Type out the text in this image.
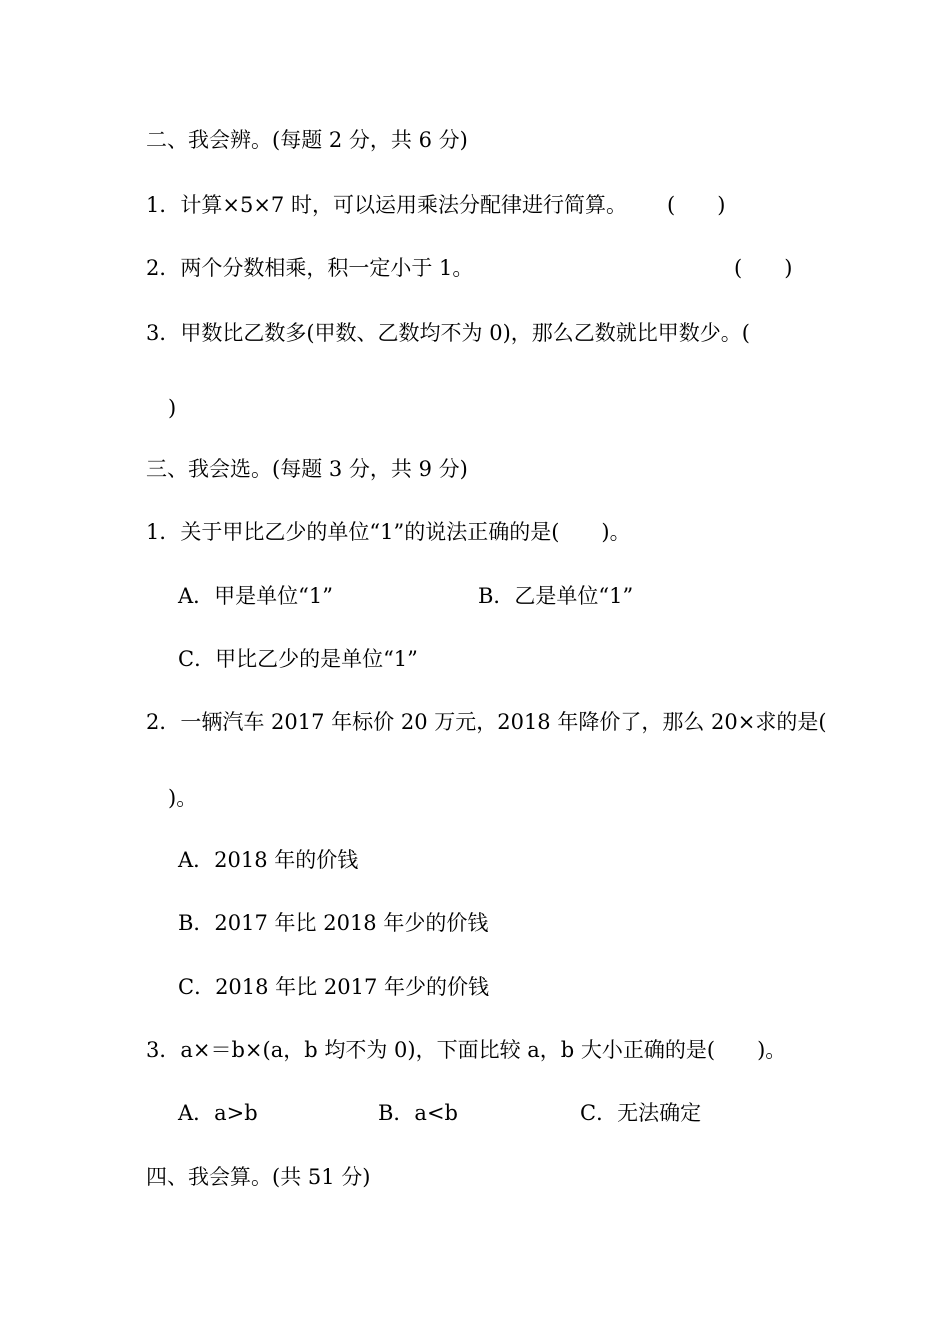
二、我会辨。(每题 2 分，共 6 分)

1．计算×5×7 时，可以运用乘法分配律进行简算。 (　　)

2．两个分数相乘，积一定小于 1。	(　　)

3．甲数比乙数多(甲数、乙数均不为 0)，那么乙数就比甲数少。(

)

三、我会选。(每题 3 分，共 9 分)

1．关于甲比乙少的单位“1”的说法正确的是(　　)。

A．甲是单位“1”	B．乙是单位“1”

C．甲比乙少的是单位“1”

2．一辆汽车 2017 年标价 20 万元，2018 年降价了，那么 20×求的是(

)。

A．2018 年的价钱

B．2017 年比 2018 年少的价钱

C．2018 年比 2017 年少的价钱

3．a×＝b×(a，b 均不为 0)，下面比较 a，b 大小正确的是(　　)。

A．a>b	B．a<b	C．无法确定

四、我会算。(共 51 分)
